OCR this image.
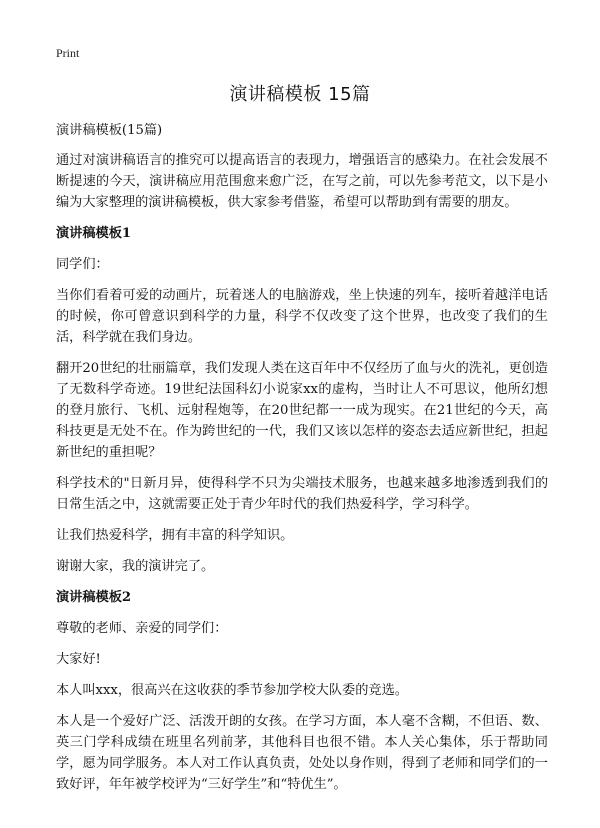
Print
演讲稿模板 15篇

演讲稿模板(15篇)

通过对演讲稿语言的推究可以提高语言的表现力，增强语言的感染力。在社会发展不断提速的今天，演讲稿应用范围愈来愈广泛，在写之前，可以先参考范文，以下是小编为大家整理的演讲稿模板，供大家参考借鉴，希望可以帮助到有需要的朋友。

演讲稿模板1

同学们：

当你们看着可爱的动画片，玩着迷人的电脑游戏，坐上快速的列车，接听着越洋电话的时候，你可曾意识到科学的力量，科学不仅改变了这个世界，也改变了我们的生活，科学就在我们身边。

翻开20世纪的壮丽篇章，我们发现人类在这百年中不仅经历了血与火的洗礼，更创造了无数科学奇迹。19世纪法国科幻小说家xx的虚构，当时让人不可思议，他所幻想的登月旅行、飞机、远射程炮等，在20世纪都一一成为现实。在21世纪的今天，高科技更是无处不在。作为跨世纪的一代，我们又该以怎样的姿态去适应新世纪，担起新世纪的重担呢？

科学技术的"日新月异，使得科学不只为尖端技术服务，也越来越多地渗透到我们的日常生活之中，这就需要正处于青少年时代的我们热爱科学，学习科学。

让我们热爱科学，拥有丰富的科学知识。

谢谢大家，我的演讲完了。

演讲稿模板2

尊敬的老师、亲爱的同学们：

大家好!

本人叫xxx，很高兴在这收获的季节参加学校大队委的竞选。

本人是一个爱好广泛、活泼开朗的女孩。在学习方面，本人毫不含糊，不但语、数、英三门学科成绩在班里名列前茅，其他科目也很不错。本人关心集体，乐于帮助同学，愿为同学服务。本人对工作认真负责，处处以身作则，得到了老师和同学们的一致好评，年年被学校评为“三好学生”和“特优生”。
